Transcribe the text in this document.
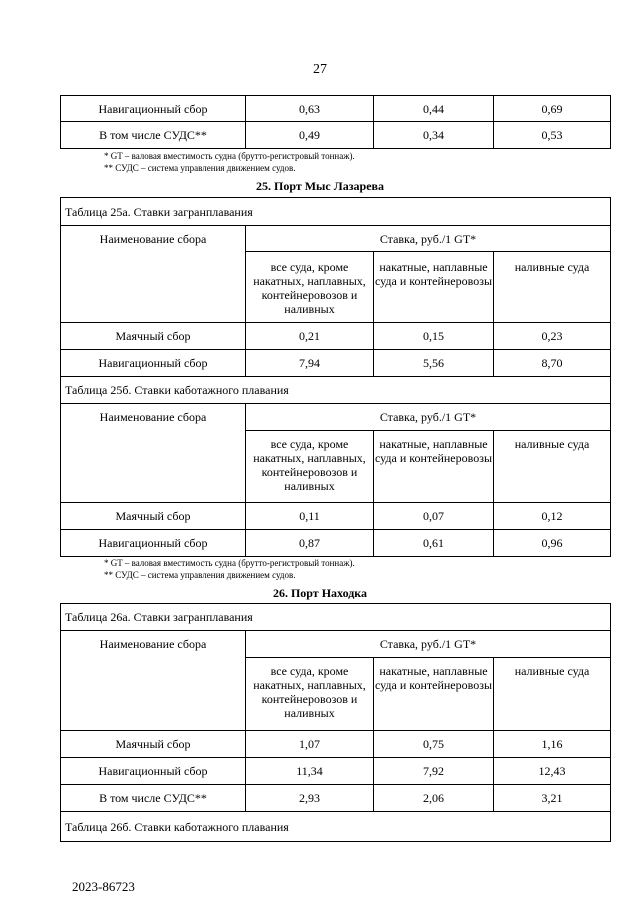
27
Навигационный сбор	0,63	0,44	0,69
В том числе СУДС**	0,49	0,34	0,53
* GT – валовая вместимость судна (брутто-регистровый тоннаж).
** СУДС – система управления движением судов.
25. Порт Мыс Лазарева
Таблица 25а. Ставки загранплавания			
Наименование сбора	Ставка, руб./1 GT*		
	все суда, кроме накатных, наплавных, контейнеровозов и наливных	накатные, наплавные суда и контейнеровозы	наливные суда
Маячный сбор	0,21	0,15	0,23
Навигационный сбор	7,94	5,56	8,70
Таблица 25б. Ставки каботажного плавания			
Наименование сбора	Ставка, руб./1 GT*		
	все суда, кроме накатных, наплавных, контейнеровозов и наливных	накатные, наплавные суда и контейнеровозы	наливные суда
Маячный сбор	0,11	0,07	0,12
Навигационный сбор	0,87	0,61	0,96
* GT – валовая вместимость судна (брутто-регистровый тоннаж).
** СУДС – система управления движением судов.
26. Порт Находка
Таблица 26а. Ставки загранплавания			
Наименование сбора	Ставка, руб./1 GT*		
	все суда, кроме накатных, наплавных, контейнеровозов и наливных	накатные, наплавные суда и контейнеровозы	наливные суда
Маячный сбор	1,07	0,75	1,16
Навигационный сбор	11,34	7,92	12,43
В том числе СУДС**	2,93	2,06	3,21
Таблица 26б. Ставки каботажного плавания			
2023-86723
